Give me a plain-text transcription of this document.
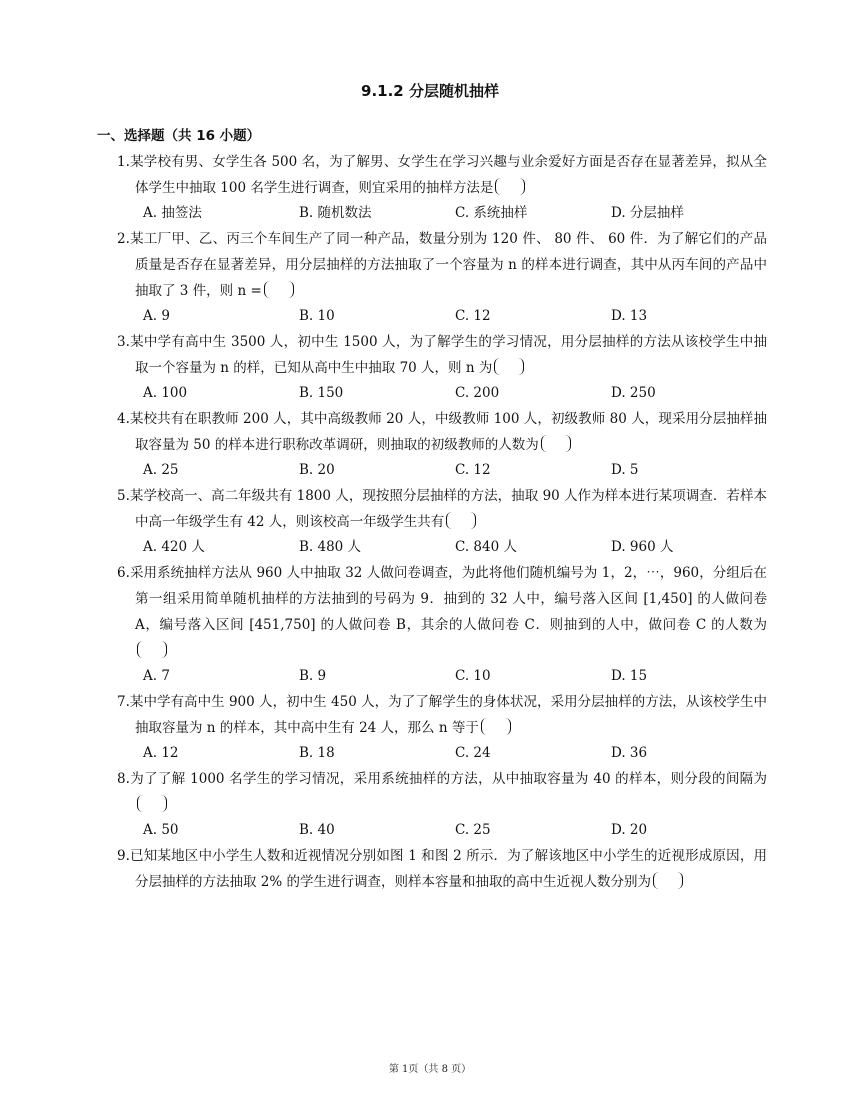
9.1.2 分层随机抽样
一、选择题（共 16 小题）
1.某学校有男、女学生各 500 名，为了解男、女学生在学习兴趣与业余爱好方面是否存在显著差异，拟从全体学生中抽取 100 名学生进行调查，则宜采用的抽样方法是
A. 抽签法	B. 随机数法	C. 系统抽样	D. 分层抽样
2.某工厂甲、乙、丙三个车间生产了同一种产品，数量分别为 120 件、 80 件、 60 件．为了解它们的产品质量是否存在显著差异，用分层抽样的方法抽取了一个容量为 n 的样本进行调查，其中从丙车间的产品中抽取了 3 件，则 n =
A. 9	B. 10	C. 12	D. 13
3.某中学有高中生 3500 人，初中生 1500 人，为了解学生的学习情况，用分层抽样的方法从该校学生中抽取一个容量为 n 的样，已知从高中生中抽取 70 人，则 n 为
A. 100	B. 150	C. 200	D. 250
4.某校共有在职教师 200 人，其中高级教师 20 人，中级教师 100 人，初级教师 80 人，现采用分层抽样抽取容量为 50 的样本进行职称改革调研，则抽取的初级教师的人数为
A. 25	B. 20	C. 12	D. 5
5.某学校高一、高二年级共有 1800 人，现按照分层抽样的方法，抽取 90 人作为样本进行某项调查．若样本中高一年级学生有 42 人，则该校高一年级学生共有
A. 420 人	B. 480 人	C. 840 人	D. 960 人
6.采用系统抽样方法从 960 人中抽取 32 人做问卷调查，为此将他们随机编号为 1，2，⋯，960，分组后在第一组采用简单随机抽样的方法抽到的号码为 9．抽到的 32 人中，编号落入区间 [1,450] 的人做问卷 A，编号落入区间 [451,750] 的人做问卷 B，其余的人做问卷 C．则抽到的人中，做问卷 C 的人数为
A. 7	B. 9	C. 10	D. 15
7.某中学有高中生 900 人，初中生 450 人，为了了解学生的身体状况，采用分层抽样的方法，从该校学生中抽取容量为 n 的样本，其中高中生有 24 人，那么 n 等于
A. 12	B. 18	C. 24	D. 36
8.为了了解 1000 名学生的学习情况，采用系统抽样的方法，从中抽取容量为 40 的样本，则分段的间隔为
A. 50	B. 40	C. 25	D. 20
9.已知某地区中小学生人数和近视情况分别如图 1 和图 2 所示．为了解该地区中小学生的近视形成原因，用分层抽样的方法抽取 2% 的学生进行调查，则样本容量和抽取的高中生近视人数分别为
第 1页（共 8 页）
